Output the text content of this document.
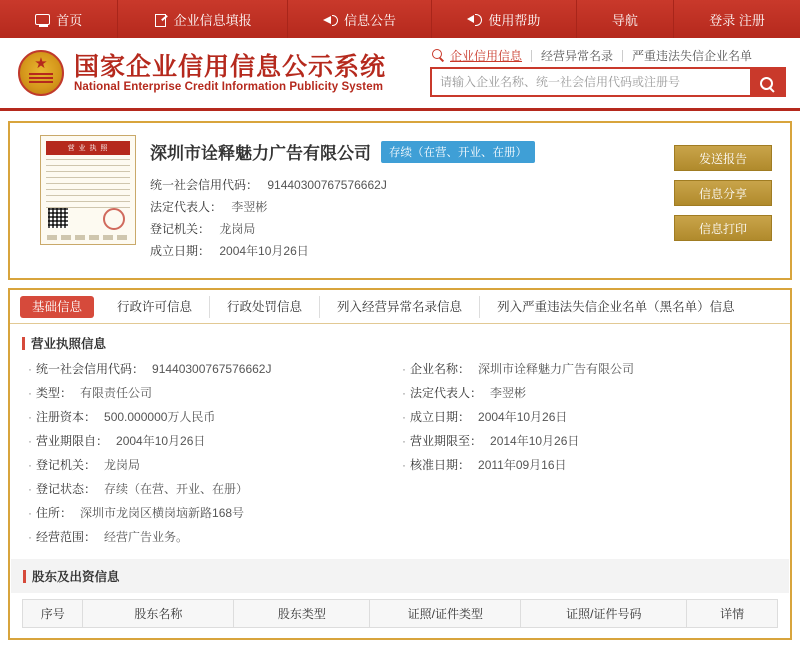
首页	企业信息填报	信息公告	使用帮助	导航	登录 注册
★
国家企业信用信息公示系统
National Enterprise Credit Information Publicity System
企业信用信息	经营异常名录	严重违法失信企业名单
请输入企业名称、统一社会信用代码或注册号
营 业 执 照	深圳市诠释魅力广告有限公司	存续（在营、开业、在册）
统一社会信用代码： 91440300767576662J
法定代表人： 李翌彬
登记机关： 龙岗局
成立日期： 2004年10月26日
发送报告
信息分享
信息打印
基础信息	行政许可信息	行政处罚信息	列入经营异常名录信息	列入严重违法失信企业名单（黑名单）信息
营业执照信息
· 统一社会信用代码： 91440300767576662J	· 企业名称： 深圳市诠释魅力广告有限公司
· 类型： 有限责任公司	· 法定代表人： 李翌彬
· 注册资本： 500.000000万人民币	· 成立日期： 2004年10月26日
· 营业期限自： 2004年10月26日	· 营业期限至： 2014年10月26日
· 登记机关： 龙岗局	· 核准日期： 2011年09月16日
· 登记状态： 存续（在营、开业、在册）
· 住所： 深圳市龙岗区横岗垴新路168号
· 经营范围： 经营广告业务。
股东及出资信息
序号	股东名称	股东类型	证照/证件类型	证照/证件号码	详情
